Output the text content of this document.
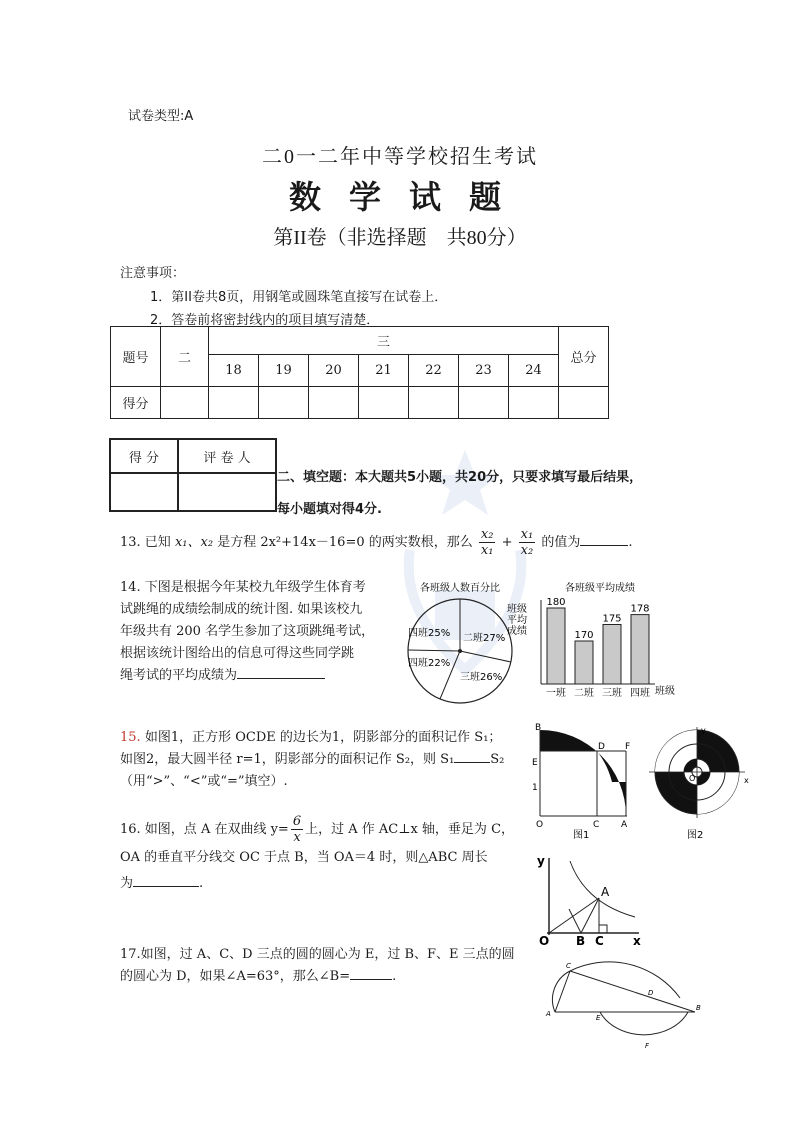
试卷类型:A
二0一二年中等学校招生考试
数 学 试 题
第II卷（非选择题　共80分）
注意事项：
1．第II卷共8页，用钢笔或圆珠笔直接写在试卷上．
2．答卷前将密封线内的项目填写清楚．
题号	二	三							总分
		18	19	20	21	22	23	24	
得分									
得 分	评 卷 人

二、填空题：本大题共5小题，共20分，只要求填写最后结果，
每小题填对得4分.
13. 已知 x₁、x₂ 是方程 2x²+14x－16=0 的两实数根，那么 $\frac{\text{x₂}}{\text{x₁}} + \frac{\text{x₁}}{\text{x₂}}$ 的值为	.
14. 下图是根据今年某校九年级学生体育考
试跳绳的成绩绘制成的统计图. 如果该校九
年级共有 200 名学生参加了这项跳绳考试，
根据该统计图给出的信息可得这些同学跳
绳考试的平均成绩为
各班级人数百分比
二班27%
三班26%
四班22%
四班25%
各班级平均成绩
班级平均成绩
班级
180
一班
170
二班
175
三班
178
四班
15. 如图1，正方形 OCDE 的边长为1，阴影部分的面积记作 S₁；
如图2，最大圆半径 r=1，阴影部分的面积记作 S₂，则 S₁	S₂
（用“>”、“<”或“=”填空）.
B
D F
E
1
O	C A
图1
y
O	x
图2
16. 如图，点 A 在双曲线 $y= \frac{6}{x}$ 上，过 A 作 AC⊥x 轴，垂足为 C，
OA 的垂直平分线交 OC 于点 B，当 OA＝4 时，则△ABC 周长
为	.
y
A
O B C x
17.如图，过 A、C、D 三点的圆的圆心为 E，过 B、F、E 三点的圆
的圆心为 D，如果∠A=63°，那么∠B=	.
C
D
A	E
B
F
